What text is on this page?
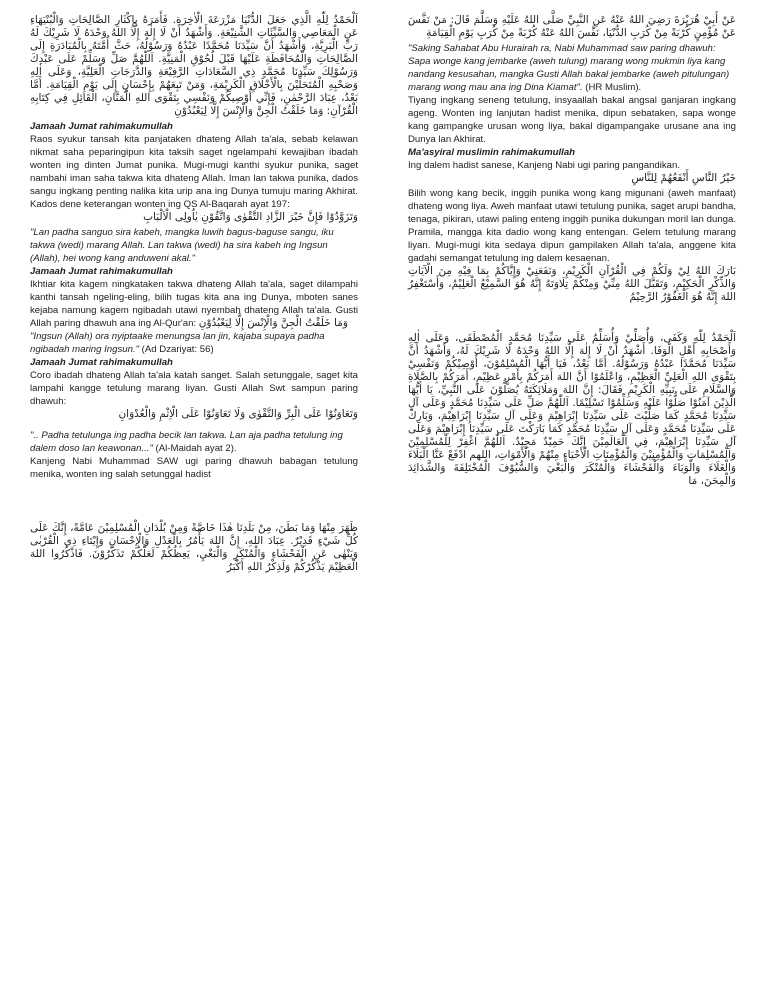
اَلْحَمْدُ لِلّٰهِ الَّذِي جَعَلَ الدُّنْيَا مَزْرَعَةَ الْاٰخِرَةِ. فَأَمَرَهُ بِإِكْثَارِ الصَّالِحَاتِ وَالْبُنْيَهَاءِ عَنِ الْمَعَاصِي وَالسَّيِّئَاتِ الشَّنِيْعَةِ. وَأَشْهَدُ أَنْ لَا إِلٰهَ إِلَّا اللهُ وَحْدَهُ لَا شَرِيْكَ لَهُ رَبِّ الْبَرِيَّةِ، وَأَشْهَدُ أَنَّ سَيِّدَنَا مُحَمَّدًا عَبْدُهُ وَرَسُوْلُهُ، حَثَّ أُمَّتَهُ بِالْمُبَادَرَةِ إِلَى الصَّالِحَاتِ وَالْمُحَافَظَةِ عَلَيْهَا قَبْلَ لُحُوْقِ الْمَنِيَّةِ. اَللّٰهُمَّ صَلِّ وَسَلِّمْ عَلَى عَبْدِكَ وَرَسُوْلِكَ سَيِّدِنَا مُحَمَّدٍ ذِي السَّعَادَاتِ الرَّفِيْعَةِ وَالدَّرَجَاتِ الْعَلِيَّةِ، وَعَلَى اٰلِهِ وَصَحْبِهِ الْمُتَحَلِّيْنَ بِالْأَخْلَاقِ الْكَرِيْمَةِ، وَمَنْ تَبِعَهُمْ بِإِحْسَانٍ إِلَى يَوْمِ الْقِيَامَةِ. أَمَّا بَعْدُ، عِبَادَ الرَّحْمٰنِ، فَإِنِّي أُوْصِيكُمْ وَنَفْسِي بِتَقْوَى اللهِ الْمَنَّانِ، الْقَائِلِ فِي كِتَابِهِ الْقُرْآنِ: وَمَا خَلَقْتُ الْجِنَّ وَالْإِنْسَ إِلَّا لِيَعْبُدُوْنِ

Jamaah Jumat rahimakumullah

Raos syukur tansah kita panjataken dhateng Allah ta'ala, sebab kelawan nikmat saha peparingipun kita taksih saget ngelampahi kewajiban ibadah wonten ing dinten Jumat punika. Mugi-mugi kanthi syukur punika, saget nambahi iman saha takwa kita dhateng Allah. Iman lan takwa punika, dados sangu ingkang penting nalika kita urip ana ing Dunya tumuju maring Akhirat. Kados dene keterangan wonten ing QS Al-Baqarah ayat 197:

وَتَزَوَّدُوْا فَإِنَّ خَيْرَ الزَّادِ التَّقْوٰى وَاتَّقُوْنِ يٰاُولِى الْاَلْبَابِ

"Lan padha sanguo sira kabeh, mangka luwih bagus-baguse sangu, iku takwa (wedi) marang Allah. Lan takwa (wedi) ha sira kabeh ing Ingsun (Allah), hei wong kang anduweni akal."

Jamaah Jumat rahimakumullah

Ikhtiar kita kagem ningkataken takwa dhateng Allah ta'ala, saget dilampahi kanthi tansah ngeling-eling, bilih tugas kita ana ing Dunya, mboten sanes kejaba namung kagem ngibadah utawi nyembah dhateng Allah ta'ala. Gusti Allah paring dhawuh ana ing Al-Qur'an: وَمَا خَلَقْتُ الْجِنَّ وَالْإِنْسَ إِلَّا لِيَعْبُدُوْنِ

"Ingsun (Allah) ora nyiptaake menungsa lan jin, kajaba supaya padha ngibadah maring Ingsun." (Ad Dzariyat: 56)

Jamaah Jumat rahimakumullah

Coro ibadah dhateng Allah ta'ala katah sanget. Salah setunggale, saget kita lampahi kangge tetulung marang liyan. Gusti Allah Swt sampun paring dhawuh:

وَتَعَاوَنُوْا عَلَى الْبِرِّ وَالتَّقْوٰى وَلَا تَعَاوَنُوْا عَلَى الْاِثْمِ وَالْعُدْوَانِ

".. Padha tetulunga ing padha becik lan takwa. Lan aja padha tetulung ing dalem doso lan keawonan..." (Al-Maidah ayat 2).

Kanjeng Nabi Muhammad SAW ugi paring dhawuh babagan tetulung menika, wonten ing salah setunggal hadist

ظَهَرَ مِنْهَا وَمَا بَطَنَ، مِنْ بَلَدِنَا هٰذَا خَاصَّةً وَمِنْ بُلْدَانِ الْمُسْلِمِيْنَ عَامَّةً، إِنَّكَ عَلَى كُلِّ شَيْءٍ قَدِيْرٌ. عِبَادَ اللهِ، إِنَّ اللهَ يَأْمُرُ بِالْعَدْلِ وَالْإِحْسَانِ وَإِيْتَاءِ ذِي الْقُرْبٰى وَيَنْهٰى عَنِ الْفَحْشَاءِ وَالْمُنْكَرِ وَالْبَغْيِ، يَعِظُكُمْ لَعَلَّكُمْ تَذَكَّرُوْنَ. فَاذْكُرُوا اللهَ الْعَظِيْمَ يَذْكُرْكُمْ وَلَذِكْرُ اللهِ أَكْبَرُ

عَنْ أَبِيْ هُرَيْرَةَ رَضِيَ اللهُ عَنْهُ عَنِ النَّبِيِّ صَلَّى اللهُ عَلَيْهِ وَسَلَّمَ قَالَ: مَنْ نَفَّسَ عَنْ مُؤْمِنٍ كُرْبَةً مِنْ كُرَبِ الدُّنْيَا، نَفَّسَ اللهُ عَنْهُ كُرْبَةً مِنْ كُرَبِ يَوْمِ الْقِيَامَةِ

"Saking Sahabat Abu Hurairah ra, Nabi Muhammad saw paring dhawuh: Sapa wonge kang jembarke (aweh tulung) marang wong mukmin liya kang nandang kesusahan, mangka Gusti Allah bakal jembarke (aweh pitulungan) marang wong mau ana ing Dina Kiamat". (HR Muslim).

Tiyang ingkang seneng tetulung, insyaallah bakal angsal ganjaran ingkang ageng. Wonten ing lanjutan hadist menika, dipun sebataken, sapa wonge kang gampangke urusan wong liya, bakal digampangake urusane ana ing Dunya lan Akhirat.

Ma'asyiral muslimin rahimakumullah

Ing dalem hadist sanese, Kanjeng Nabi ugi paring pangandikan.

خَيْرُ النَّاسِ أَنْفَعُهُمْ لِلنَّاسِ

Bilih wong kang becik, inggih punika wong kang migunani (aweh manfaat) dhateng wong liya. Aweh manfaat utawi tetulung punika, saget arupi bandha, tenaga, pikiran, utawi paling enteng inggih punika dukungan moril lan dunga. Pramila, mangga kita dadio wong kang entengan. Gelem tetulung marang liyan. Mugi-mugi kita sedaya dipun gampilaken Allah ta'ala, anggene kita gadahi semangat tetulung ing dalem kesaenan.

بَارَكَ اللهُ لِيْ وَلَكُمْ فِي الْقُرْآنِ الْكَرِيْمِ، وَنَفَعَنِيْ وَإِيَّاكُمْ بِمَا فِيْهِ مِنَ الْآيَاتِ وَالذِّكْرِ الْحَكِيْمِ، وَتَقَبَّلَ اللهُ مِنِّيْ وَمِنْكُمْ تِلَاوَتَهُ إِنَّهُ هُوَ السَّمِيْعُ الْعَلِيْمُ، وَأَسْتَغْفِرُ اللهَ إِنَّهُ هُوَ الْغَفُوْرُ الرَّحِيْمُ

اَلْحَمْدُ لِلّٰهِ وَكَفَى، وَأُصَلِّيْ وَأُسَلِّمُ عَلَى سَيِّدِنَا مُحَمَّدٍ الْمُصْطَفَى، وَعَلَى اٰلِهِ وَأَصْحَابِهِ أَهْلِ الْوَفَا. أَشْهَدُ أَنْ لَا إِلٰهَ إِلَّا اللهُ وَحْدَهُ لَا شَرِيْكَ لَهُ، وَأَشْهَدُ أَنَّ سَيِّدَنَا مُحَمَّدًا عَبْدُهُ وَرَسُوْلُهُ. أَمَّا بَعْدُ، فَيَا أَيُّهَا الْمُسْلِمُوْنَ، أُوْصِيْكُمْ وَنَفْسِيْ بِتَقْوَى اللهِ الْعَلِيِّ الْعَظِيْمِ، وَاعْلَمُوْا أَنَّ اللهَ أَمَرَكُمْ بِأَمْرٍ عَظِيْمٍ، أَمَرَكُمْ بِالصَّلَاةِ وَالسَّلَامِ عَلَى نَبِيِّهِ الْكَرِيْمِ فَقَالَ: إِنَّ اللهَ وَمَلَائِكَتَهُ يُصَلُّوْنَ عَلَى النَّبِيِّ، يَا أَيُّهَا الَّذِيْنَ آمَنُوْا صَلُّوْا عَلَيْهِ وَسَلِّمُوْا تَسْلِيْمًا. اَللّٰهُمَّ صَلِّ عَلَى سَيِّدِنَا مُحَمَّدٍ وَعَلَى آلِ سَيِّدِنَا مُحَمَّدٍ كَمَا صَلَّيْتَ عَلَى سَيِّدِنَا إِبْرَاهِيْمَ وَعَلَى آلِ سَيِّدِنَا إِبْرَاهِيْمَ، وَبَارِكْ عَلَى سَيِّدِنَا مُحَمَّدٍ وَعَلَى آلِ سَيِّدِنَا مُحَمَّدٍ كَمَا بَارَكْتَ عَلَى سَيِّدِنَا إِبْرَاهِيْمَ وَعَلَى آلِ سَيِّدِنَا إِبْرَاهِيْمَ، فِي الْعَالَمِيْنَ إِنَّكَ حَمِيْدٌ مَجِيْدٌ. اَللّٰهُمَّ اغْفِرْ لِلْمُسْلِمِيْنَ وَالْمُسْلِمَاتِ وَالْمُؤْمِنِيْنَ وَالْمُؤْمِنَاتِ الْأَحْيَاءِ مِنْهُمْ وَالْأَمْوَاتِ، اللهم ادْفَعْ عَنَّا الْبَلَاءَ وَالْغَلَاءَ وَالْوَبَاءَ وَالْفَحْشَاءَ وَالْمُنْكَرَ وَالْبَغْيَ وَالسُّيُوْفَ الْمُخْتَلِفَةَ وَالشَّدَائِدَ وَالْمِحَنَ، مَا
